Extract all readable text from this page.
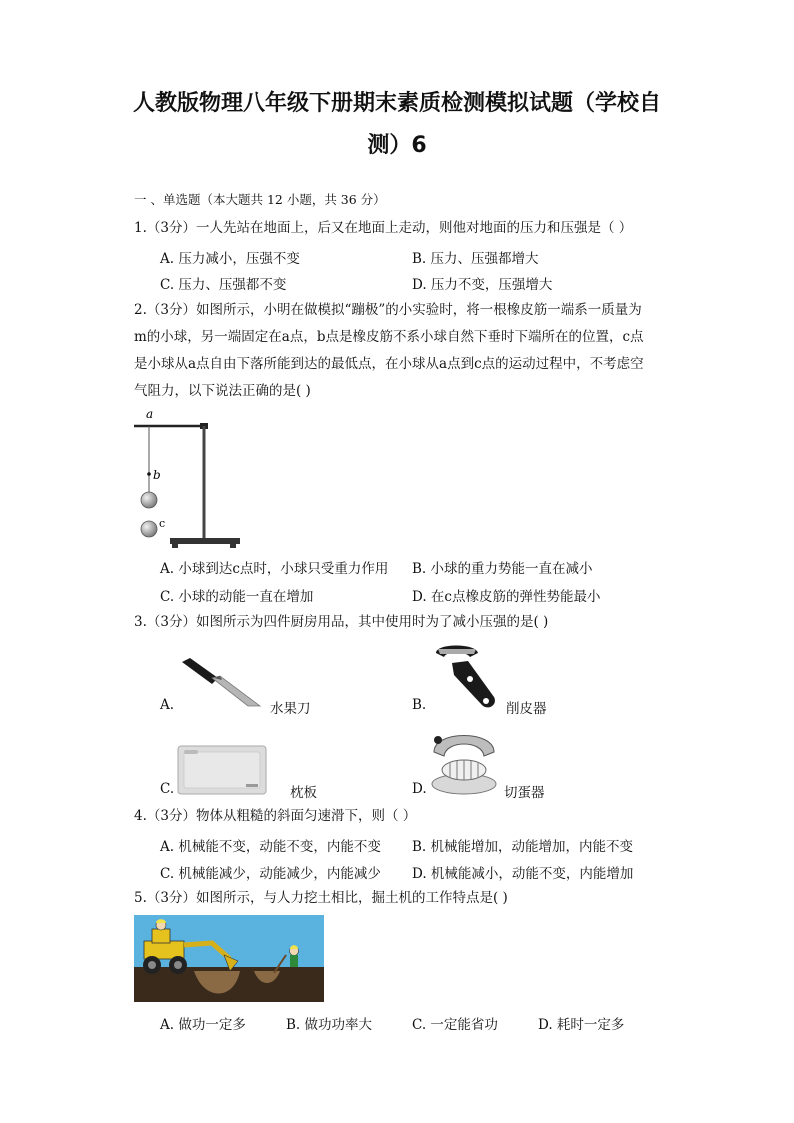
人教版物理八年级下册期末素质检测模拟试题（学校自
测）6
一 、单选题（本大题共 12 小题，共 36 分）
1.（3分）一人先站在地面上，后又在地面上走动，则他对地面的压力和压强是（ ）
A. 压力减小，压强不变	B. 压力、压强都增大
C. 压力、压强都不变	D. 压力不变，压强增大
2.（3分）如图所示，小明在做模拟“蹦极”的小实验时，将一根橡皮筋一端系一质量为
m的小球，另一端固定在a点，b点是橡皮筋不系小球自然下垂时下端所在的位置，c点
是小球从a点自由下落所能到达的最低点，在小球从a点到c点的运动过程中，不考虑空
气阻力，以下说法正确的是( )
a
b
c
A. 小球到达c点时，小球只受重力作用 B. 小球的重力势能一直在减小
C. 小球的动能一直在增加	D. 在c点橡皮筋的弹性势能最小
3.（3分）如图所示为四件厨房用品，其中使用时为了减小压强的是( )
A.	水果刀	B.	削皮器
C.	枕板	D.	切蛋器
4.（3分）物体从粗糙的斜面匀速滑下，则（ ）
A. 机械能不变，动能不变，内能不变 B. 机械能增加，动能增加，内能不变
C. 机械能减少，动能减少，内能减少 D. 机械能减小，动能不变，内能增加
5.（3分）如图所示，与人力挖土相比，掘土机的工作特点是( )
A. 做功一定多	B. 做功功率大	C. 一定能省功	D. 耗时一定多
